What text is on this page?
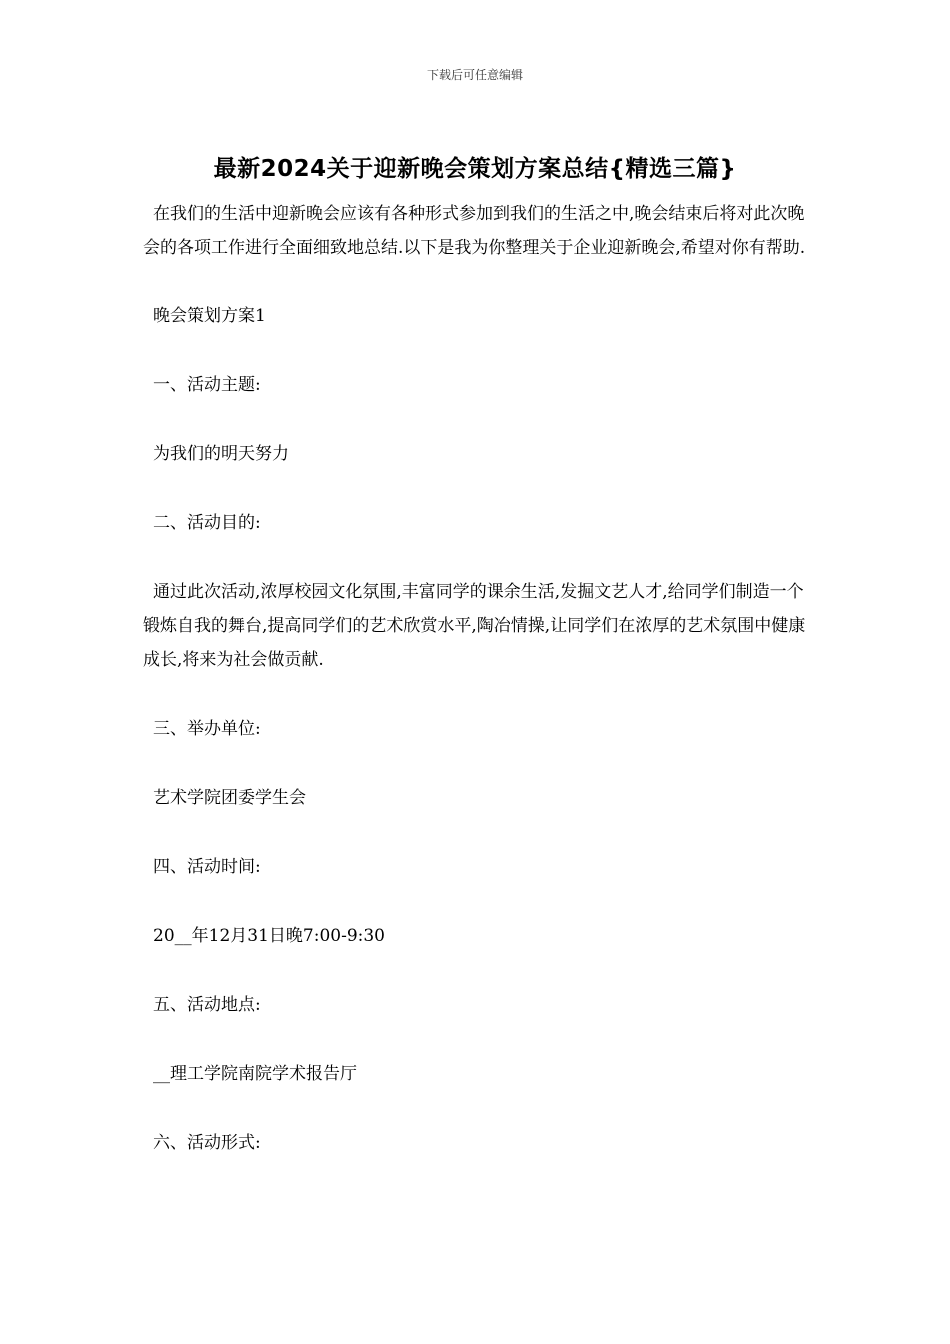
下载后可任意编辑
最新2024关于迎新晚会策划方案总结{精选三篇}

在我们的生活中迎新晚会应该有各种形式参加到我们的生活之中,晚会结束后将对此次晚会的各项工作进行全面细致地总结.以下是我为你整理关于企业迎新晚会,希望对你有帮助.

晚会策划方案1

一、活动主题:

为我们的明天努力

二、活动目的:

通过此次活动,浓厚校园文化氛围,丰富同学的课余生活,发掘文艺人才,给同学们制造一个锻炼自我的舞台,提高同学们的艺术欣赏水平,陶冶情操,让同学们在浓厚的艺术氛围中健康成长,将来为社会做贡献.

三、举办单位:

艺术学院团委学生会

四、活动时间:

20__年12月31日晚7:00-9:30

五、活动地点:

__理工学院南院学术报告厅

六、活动形式:
